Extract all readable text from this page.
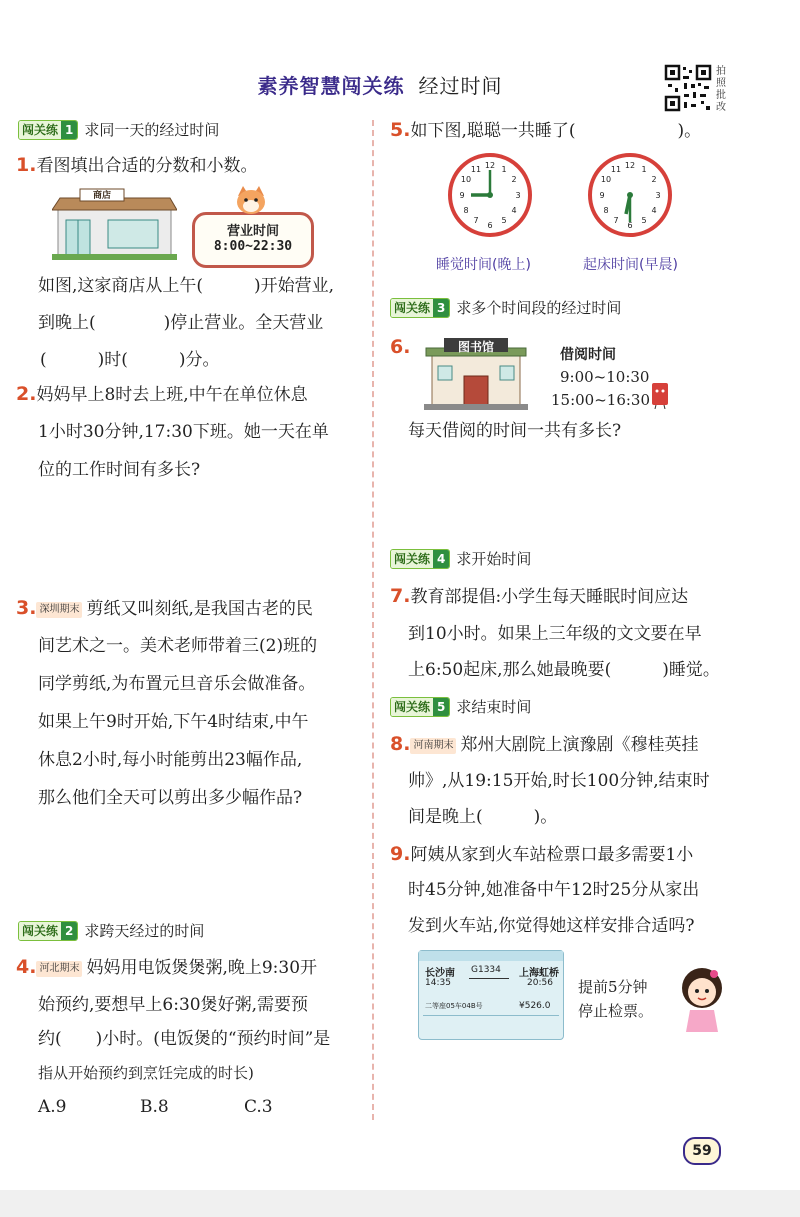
素养智慧闯关练 经过时间
拍照批改
闯关练 1 求同一天的经过时间
1.看图填出合适的分数和小数。
商店
营业时间
8:00~22:30
如图,这家商店从上午(　　　)开始营业,
到晚上(　　　　)停止营业。全天营业
(　　　)时(　　　)分。
2.妈妈早上8时去上班,中午在单位休息
1小时30分钟,17:30下班。她一天在单
位的工作时间有多长?
3. 深圳期末 剪纸又叫刻纸,是我国古老的民
间艺术之一。美术老师带着三(2)班的
同学剪纸,为布置元旦音乐会做准备。
如果上午9时开始,下午4时结束,中午
休息2小时,每小时能剪出23幅作品,
那么他们全天可以剪出多少幅作品?
闯关练 2 求跨天经过的时间
4. 河北期末 妈妈用电饭煲煲粥,晚上9:30开
始预约,要想早上6:30煲好粥,需要预
约(　　)小时。(电饭煲的“预约时间”是
指从开始预约到烹饪完成的时长)
A.9	B.8	C.3
5.如下图,聪聪一共睡了(　　　　　　)。
12 1
2
3
4
5
6
7
8
9
10
11	12 1
2
3
4
5
6
7
8
9
10
11
睡觉时间(晚上)	起床时间(早晨)
闯关练 3 求多个时间段的经过时间
6.	图书馆	借阅时间
9:00~10:30
15:00~16:30
每天借阅的时间一共有多长?
闯关练 4 求开始时间
7.教育部提倡:小学生每天睡眠时间应达
到10小时。如果上三年级的文文要在早
上6:50起床,那么她最晚要(　　　)睡觉。
闯关练 5 求结束时间
8. 河南期末 郑州大剧院上演豫剧《穆桂英挂
帅》,从19:15开始,时长100分钟,结束时
间是晚上(　　　)。
9.阿姨从家到火车站检票口最多需要1小
时45分钟,她准备中午12时25分从家出
发到火车站,你觉得她这样安排合适吗?
长沙南 G1334 上海虹桥
14:35	20:56
二等座05车04B号	¥526.0
提前5分钟
停止检票。
59
